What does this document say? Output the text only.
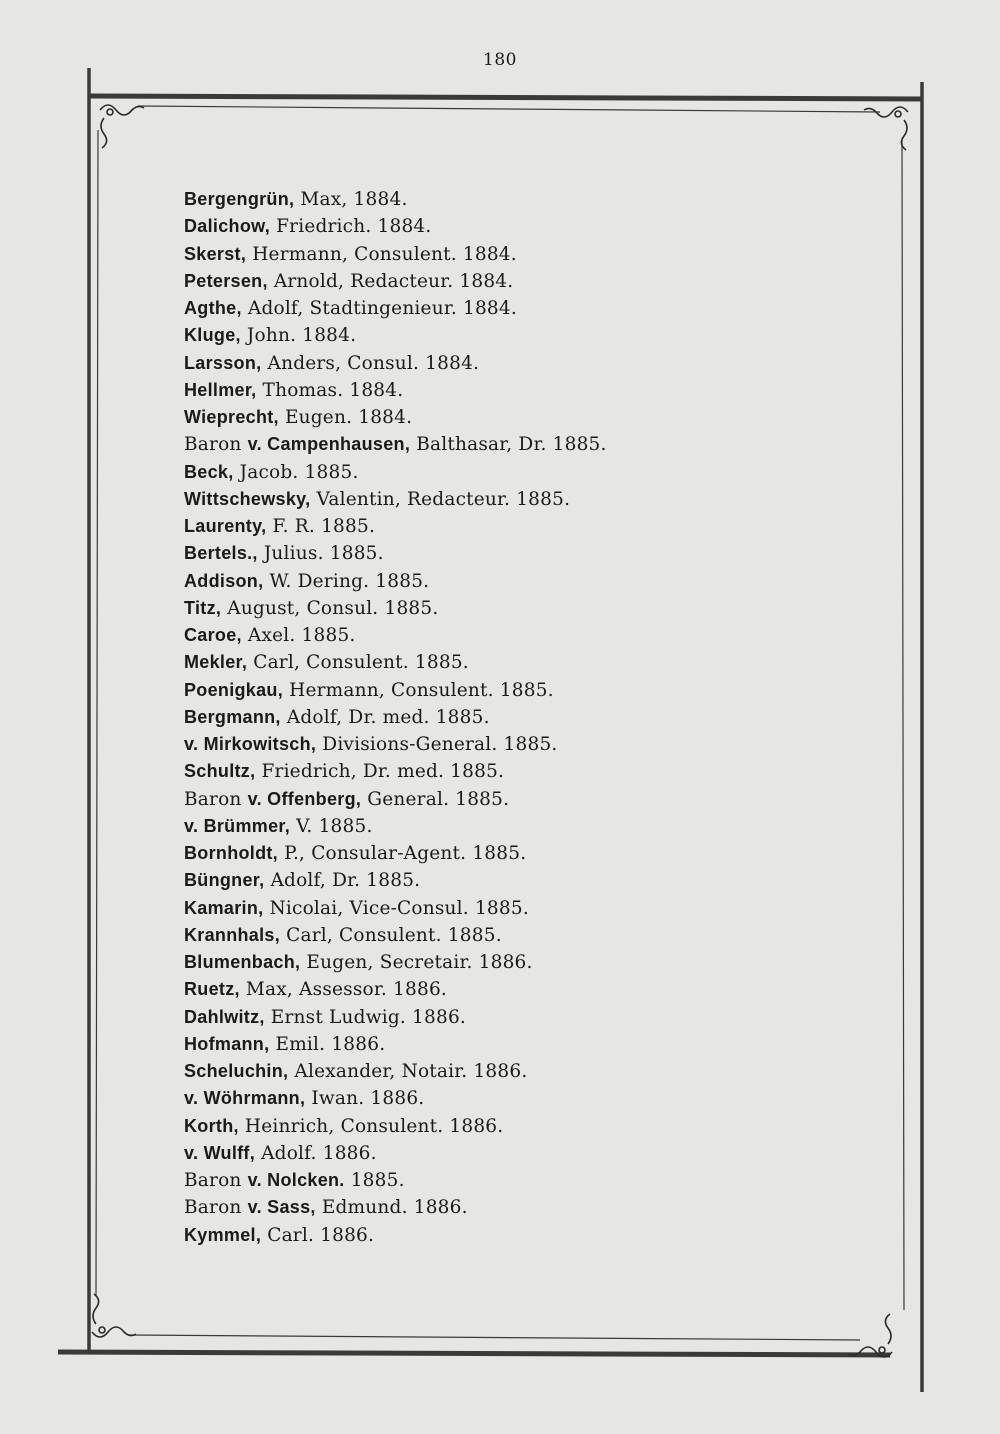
180
Bergengrün, Max, 1884.
Dalichow, Friedrich. 1884.
Skerst, Hermann, Consulent. 1884.
Petersen, Arnold, Redacteur. 1884.
Agthe, Adolf, Stadtingenieur. 1884.
Kluge, John. 1884.
Larsson, Anders, Consul. 1884.
Hellmer, Thomas. 1884.
Wieprecht, Eugen. 1884.
Baron v. Campenhausen, Balthasar, Dr. 1885.
Beck, Jacob. 1885.
Wittschewsky, Valentin, Redacteur. 1885.
Laurenty, F. R. 1885.
Bertels., Julius. 1885.
Addison, W. Dering. 1885.
Titz, August, Consul. 1885.
Caroe, Axel. 1885.
Mekler, Carl, Consulent. 1885.
Poenigkau, Hermann, Consulent. 1885.
Bergmann, Adolf, Dr. med. 1885.
v. Mirkowitsch, Divisions-General. 1885.
Schultz, Friedrich, Dr. med. 1885.
Baron v. Offenberg, General. 1885.
v. Brümmer, V. 1885.
Bornholdt, P., Consular-Agent. 1885.
Büngner, Adolf, Dr. 1885.
Kamarin, Nicolai, Vice-Consul. 1885.
Krannhals, Carl, Consulent. 1885.
Blumenbach, Eugen, Secretair. 1886.
Ruetz, Max, Assessor. 1886.
Dahlwitz, Ernst Ludwig. 1886.
Hofmann, Emil. 1886.
Scheluchin, Alexander, Notair. 1886.
v. Wöhrmann, Iwan. 1886.
Korth, Heinrich, Consulent. 1886.
v. Wulff, Adolf. 1886.
Baron v. Nolcken. 1885.
Baron v. Sass, Edmund. 1886.
Kymmel, Carl. 1886.
